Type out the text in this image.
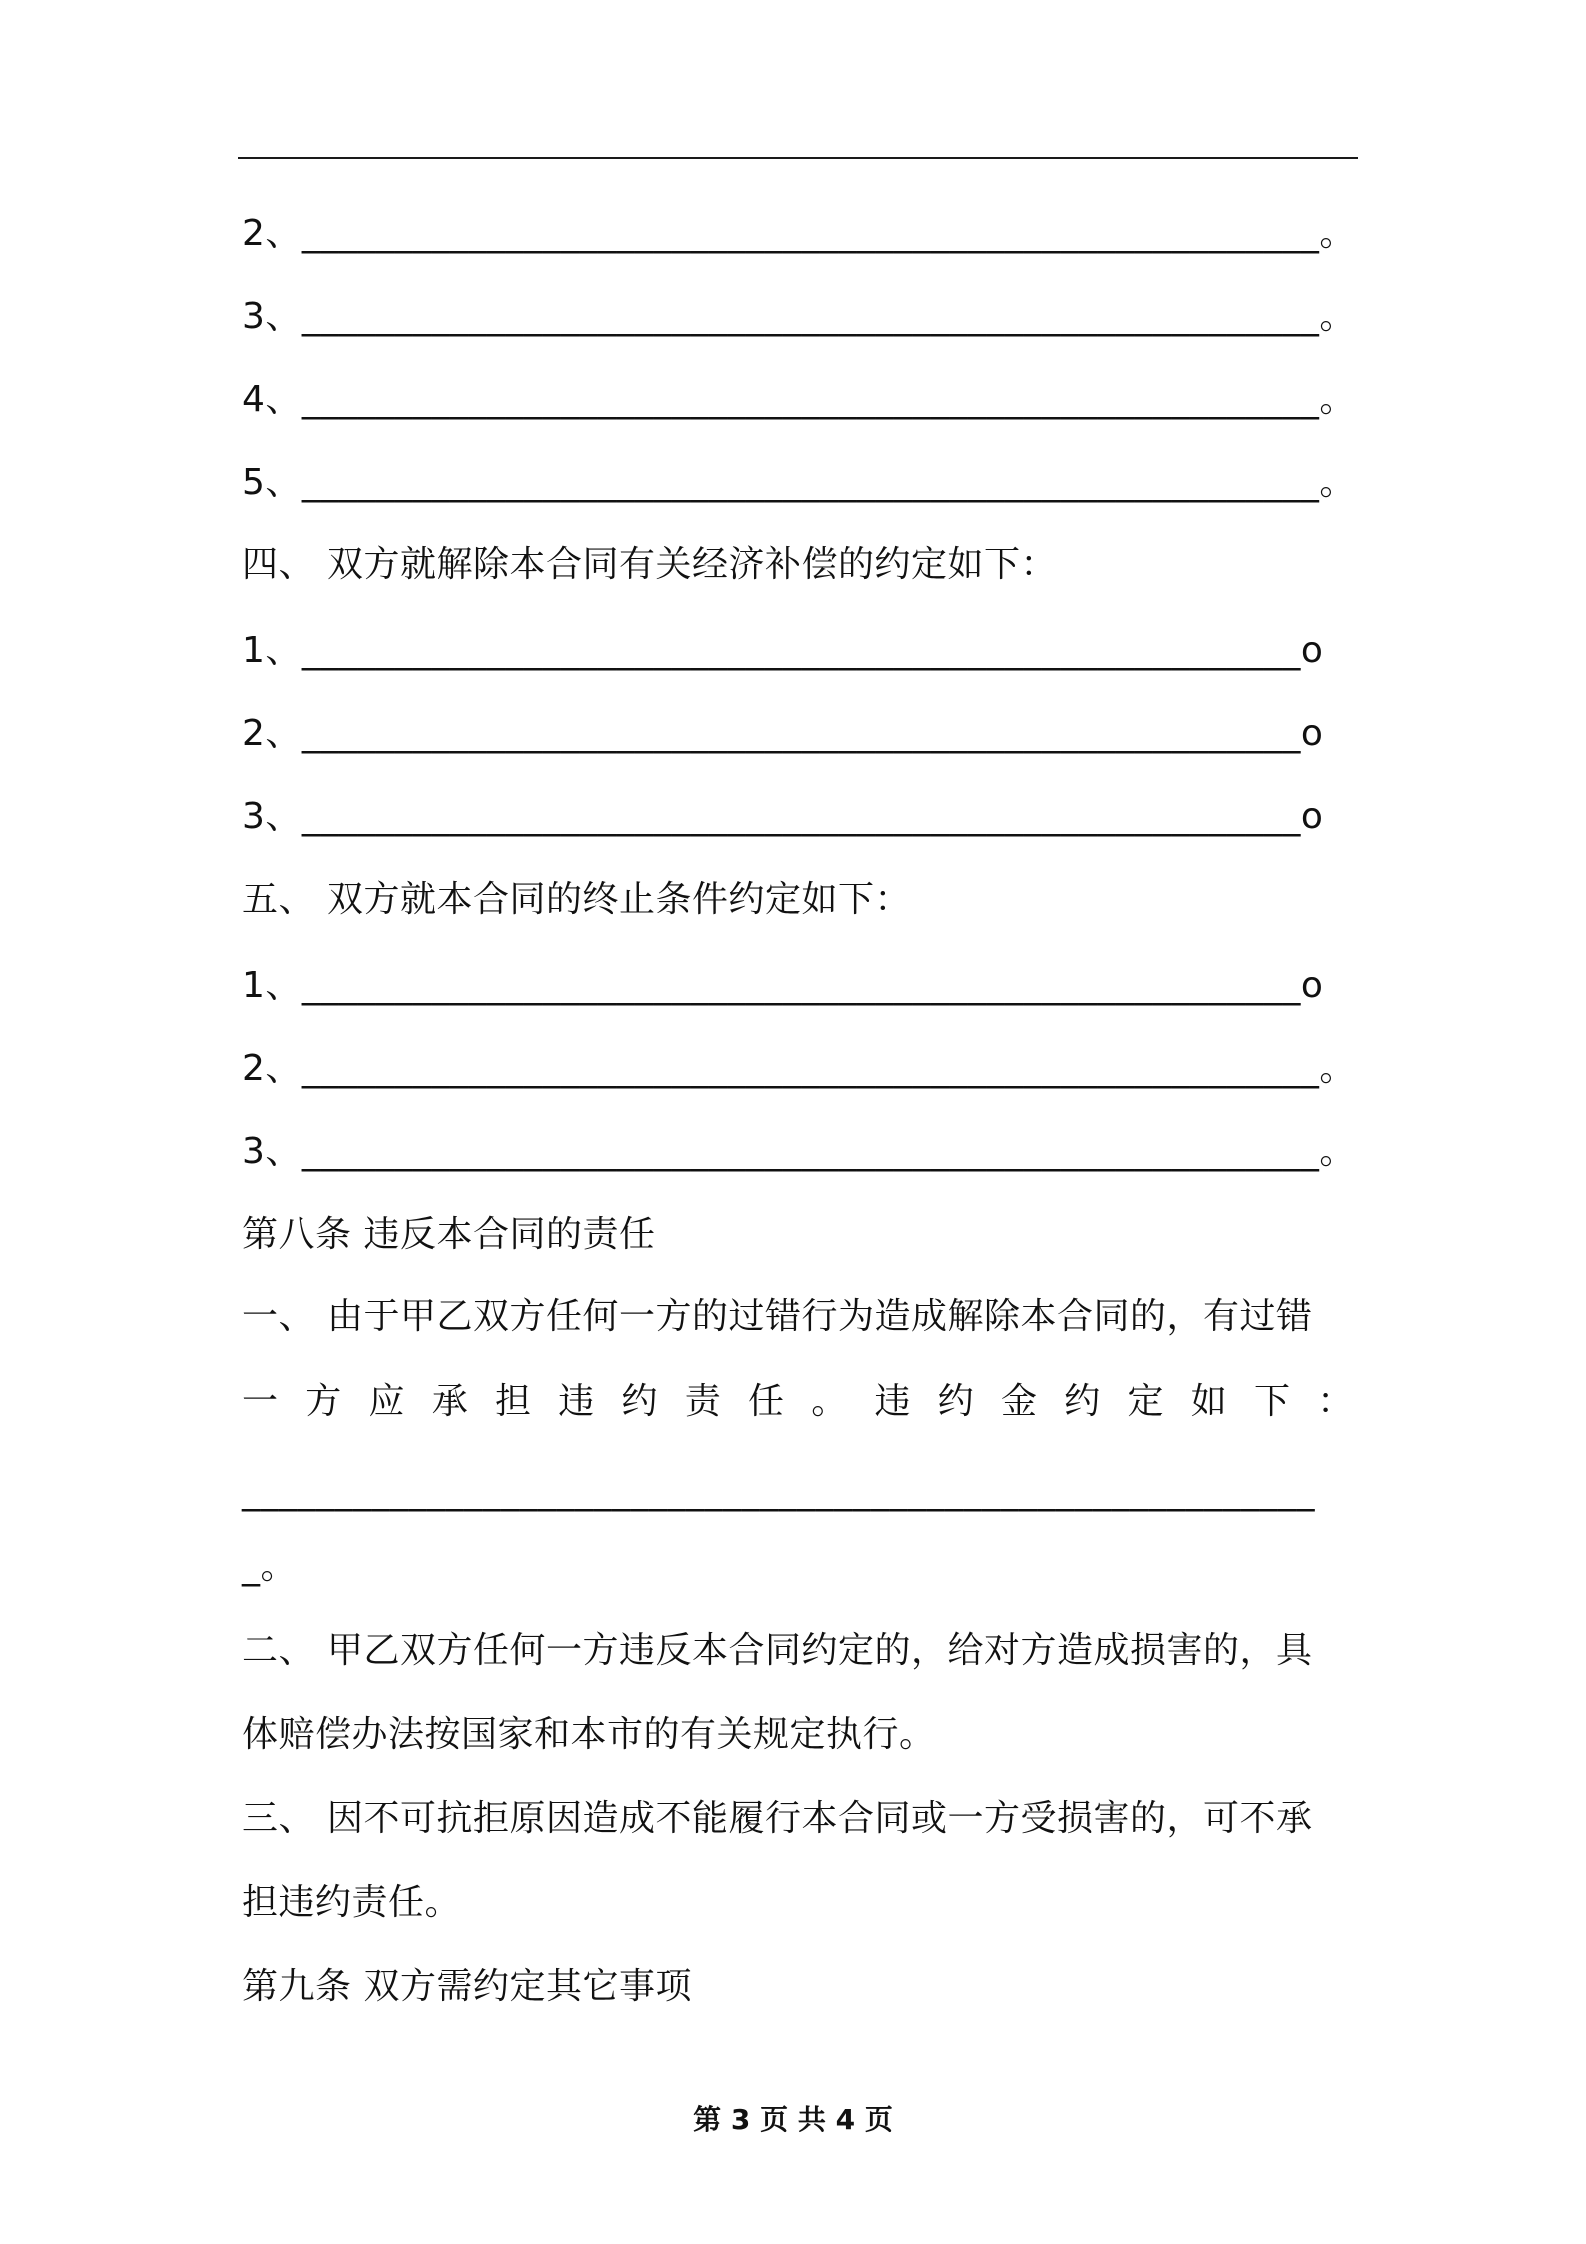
2、_______________________________________________________。
3、_______________________________________________________。
4、_______________________________________________________。
5、_______________________________________________________。
四、 双方就解除本合同有关经济补偿的约定如下：
1、______________________________________________________o
2、______________________________________________________o
3、______________________________________________________o
五、 双方就本合同的终止条件约定如下：
1、______________________________________________________o
2、_______________________________________________________。
3、_______________________________________________________。
第八条 违反本合同的责任
一、 由于甲乙双方任何一方的过错行为造成解除本合同的，有过错
一 方 应 承 担 违 约 责 任 。 违 约 金 约 定 如 下 ：
__________________________________________________________
_。
二、 甲乙双方任何一方违反本合同约定的，给对方造成损害的，具
体赔偿办法按国家和本市的有关规定执行。
三、 因不可抗拒原因造成不能履行本合同或一方受损害的，可不承
担违约责任。
第九条 双方需约定其它事项
第 3 页 共 4 页
